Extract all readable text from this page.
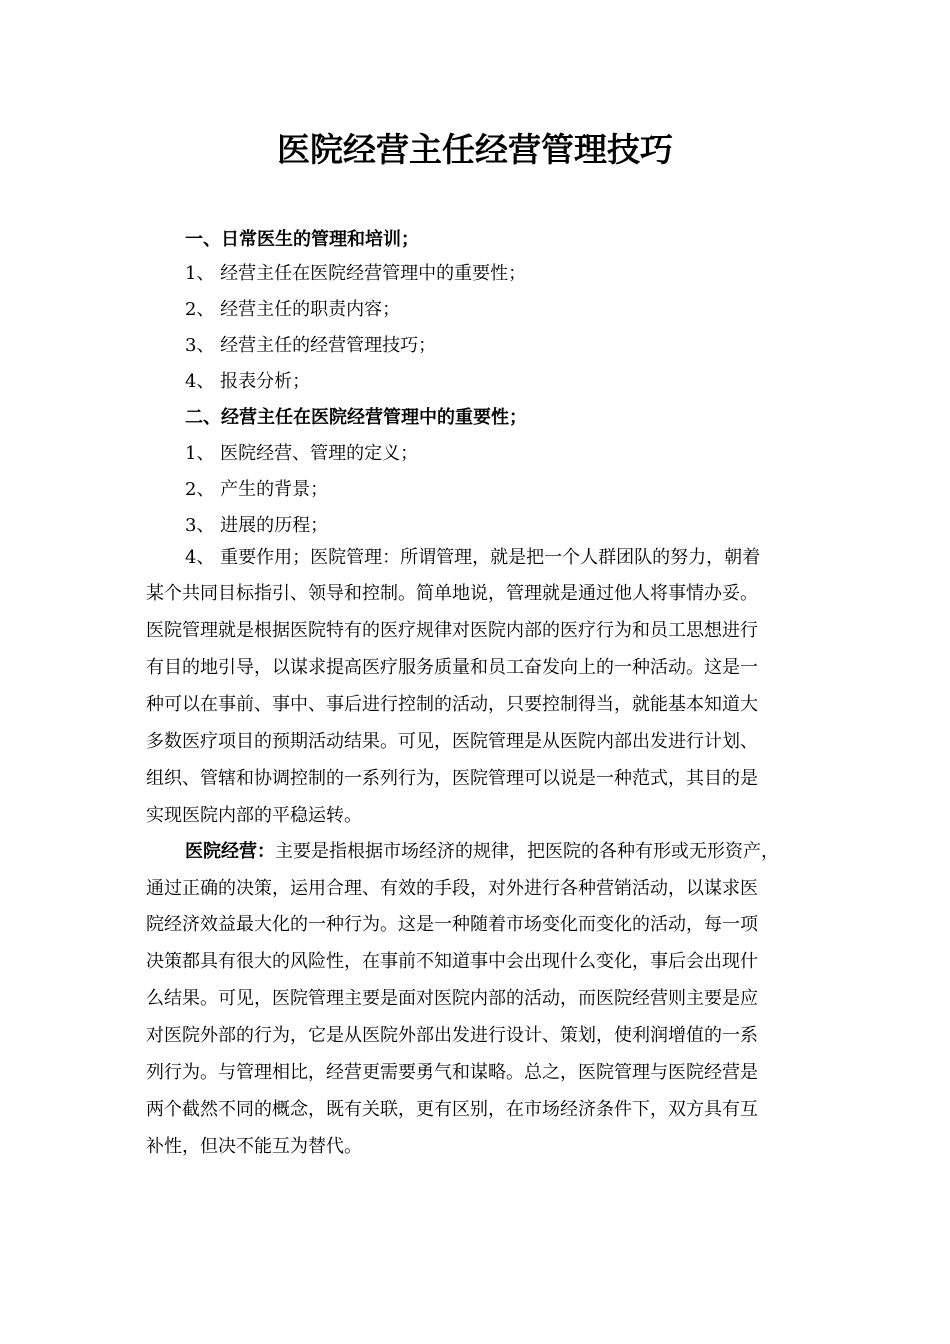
医院经营主任经营管理技巧

一、日常医生的管理和培训；

1、 经营主任在医院经营管理中的重要性；

2、 经营主任的职责内容；

3、 经营主任的经营管理技巧；

4、 报表分析；

二、经营主任在医院经营管理中的重要性；

1、 医院经营、管理的定义；

2、 产生的背景；

3、 进展的历程；

4、 重要作用；医院管理：所谓管理，就是把一个人群团队的努力，朝着

某个共同目标指引、领导和控制。简单地说，管理就是通过他人将事情办妥。

医院管理就是根据医院特有的医疗规律对医院内部的医疗行为和员工思想进行

有目的地引导，以谋求提高医疗服务质量和员工奋发向上的一种活动。这是一

种可以在事前、事中、事后进行控制的活动，只要控制得当，就能基本知道大

多数医疗项目的预期活动结果。可见，医院管理是从医院内部出发进行计划、

组织、管辖和协调控制的一系列行为，医院管理可以说是一种范式，其目的是

实现医院内部的平稳运转。

医院经营：主要是指根据市场经济的规律，把医院的各种有形或无形资产，

通过正确的决策，运用合理、有效的手段，对外进行各种营销活动，以谋求医

院经济效益最大化的一种行为。这是一种随着市场变化而变化的活动，每一项

决策都具有很大的风险性，在事前不知道事中会出现什么变化，事后会出现什

么结果。可见，医院管理主要是面对医院内部的活动，而医院经营则主要是应

对医院外部的行为，它是从医院外部出发进行设计、策划，使利润增值的一系

列行为。与管理相比，经营更需要勇气和谋略。总之，医院管理与医院经营是

两个截然不同的概念，既有关联，更有区别，在市场经济条件下，双方具有互

补性，但决不能互为替代。
